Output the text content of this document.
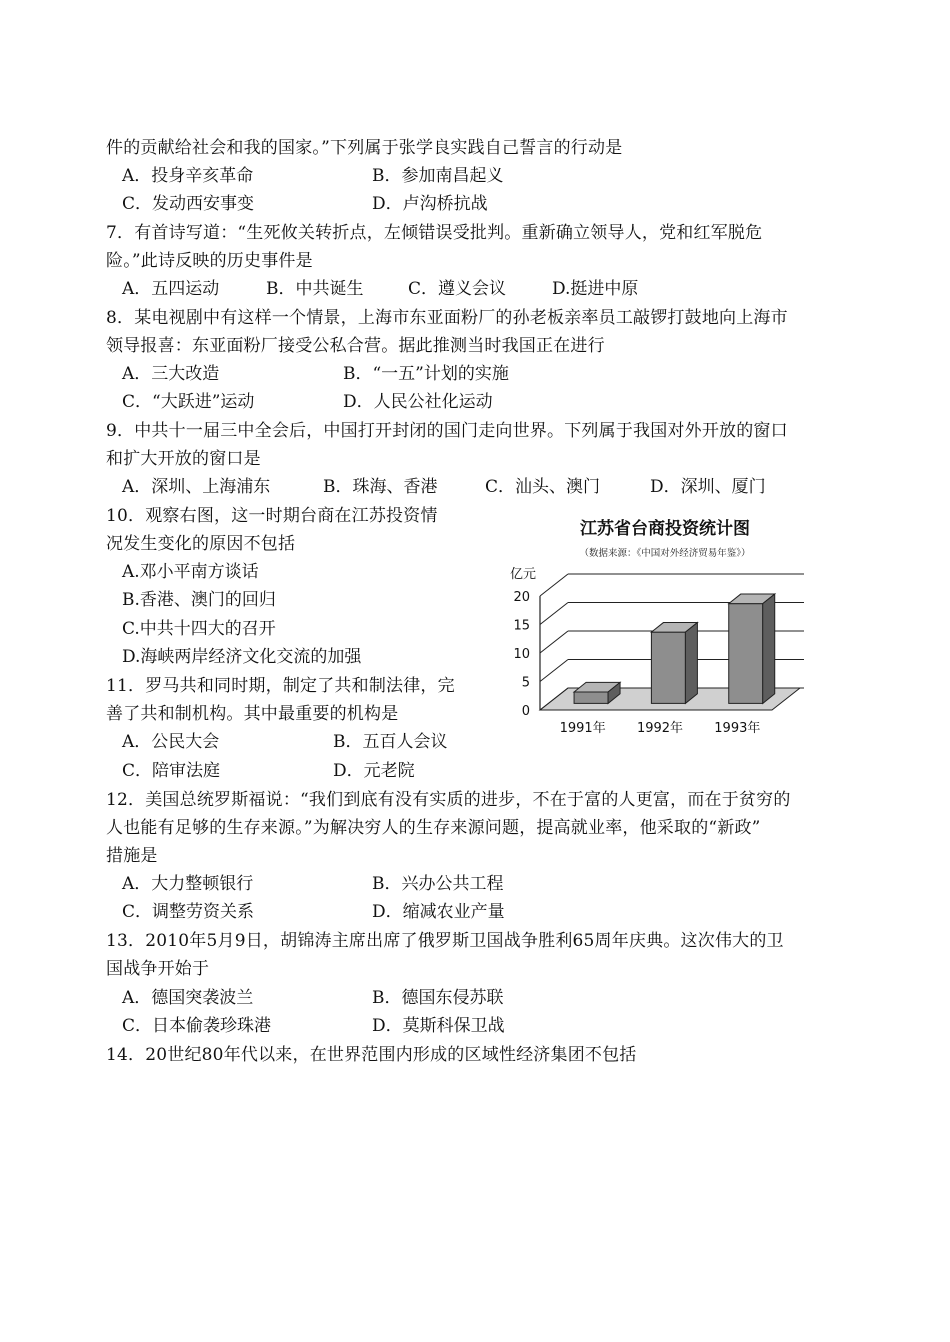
件的贡献给社会和我的国家。”下列属于张学良实践自己誓言的行动是
A．投身辛亥革命	B．参加南昌起义
C．发动西安事变	D．卢沟桥抗战
7．有首诗写道：“生死攸关转折点，左倾错误受批判。重新确立领导人，党和红军脱危
险。”此诗反映的历史事件是
A．五四运动	B．中共诞生	C．遵义会议	D.挺进中原
8．某电视剧中有这样一个情景，上海市东亚面粉厂的孙老板亲率员工敲锣打鼓地向上海市
领导报喜：东亚面粉厂接受公私合营。据此推测当时我国正在进行
A．三大改造	B．“一五”计划的实施
C．“大跃进”运动	D．人民公社化运动
9．中共十一届三中全会后，中国打开封闭的国门走向世界。下列属于我国对外开放的窗口
和扩大开放的窗口是
A．深圳、上海浦东	B．珠海、香港	C．汕头、澳门	D．深圳、厦门
10．观察右图，这一时期台商在江苏投资情
况发生变化的原因不包括
A.邓小平南方谈话
B.香港、澳门的回归
C.中共十四大的召开
D.海峡两岸经济文化交流的加强
11．罗马共和同时期，制定了共和制法律，完
善了共和制机构。其中最重要的机构是
A．公民大会	B．五百人会议
C．陪审法庭	D．元老院
12．美国总统罗斯福说：“我们到底有没有实质的进步，不在于富的人更富，而在于贫穷的
人也能有足够的生存来源。”为解决穷人的生存来源问题，提高就业率，他采取的“新政”
措施是
A．大力整顿银行	B．兴办公共工程
C．调整劳资关系	D．缩减农业产量
13．2010年5月9日，胡锦涛主席出席了俄罗斯卫国战争胜利65周年庆典。这次伟大的卫
国战争开始于
A．德国突袭波兰	B．德国东侵苏联
C．日本偷袭珍珠港	D．莫斯科保卫战
14．20世纪80年代以来，在世界范围内形成的区域性经济集团不包括
江苏省台商投资统计图
（数据来源：《中国对外经济贸易年鉴》）
亿元
0
5
10
15
20
1991年 1992年 1993年
